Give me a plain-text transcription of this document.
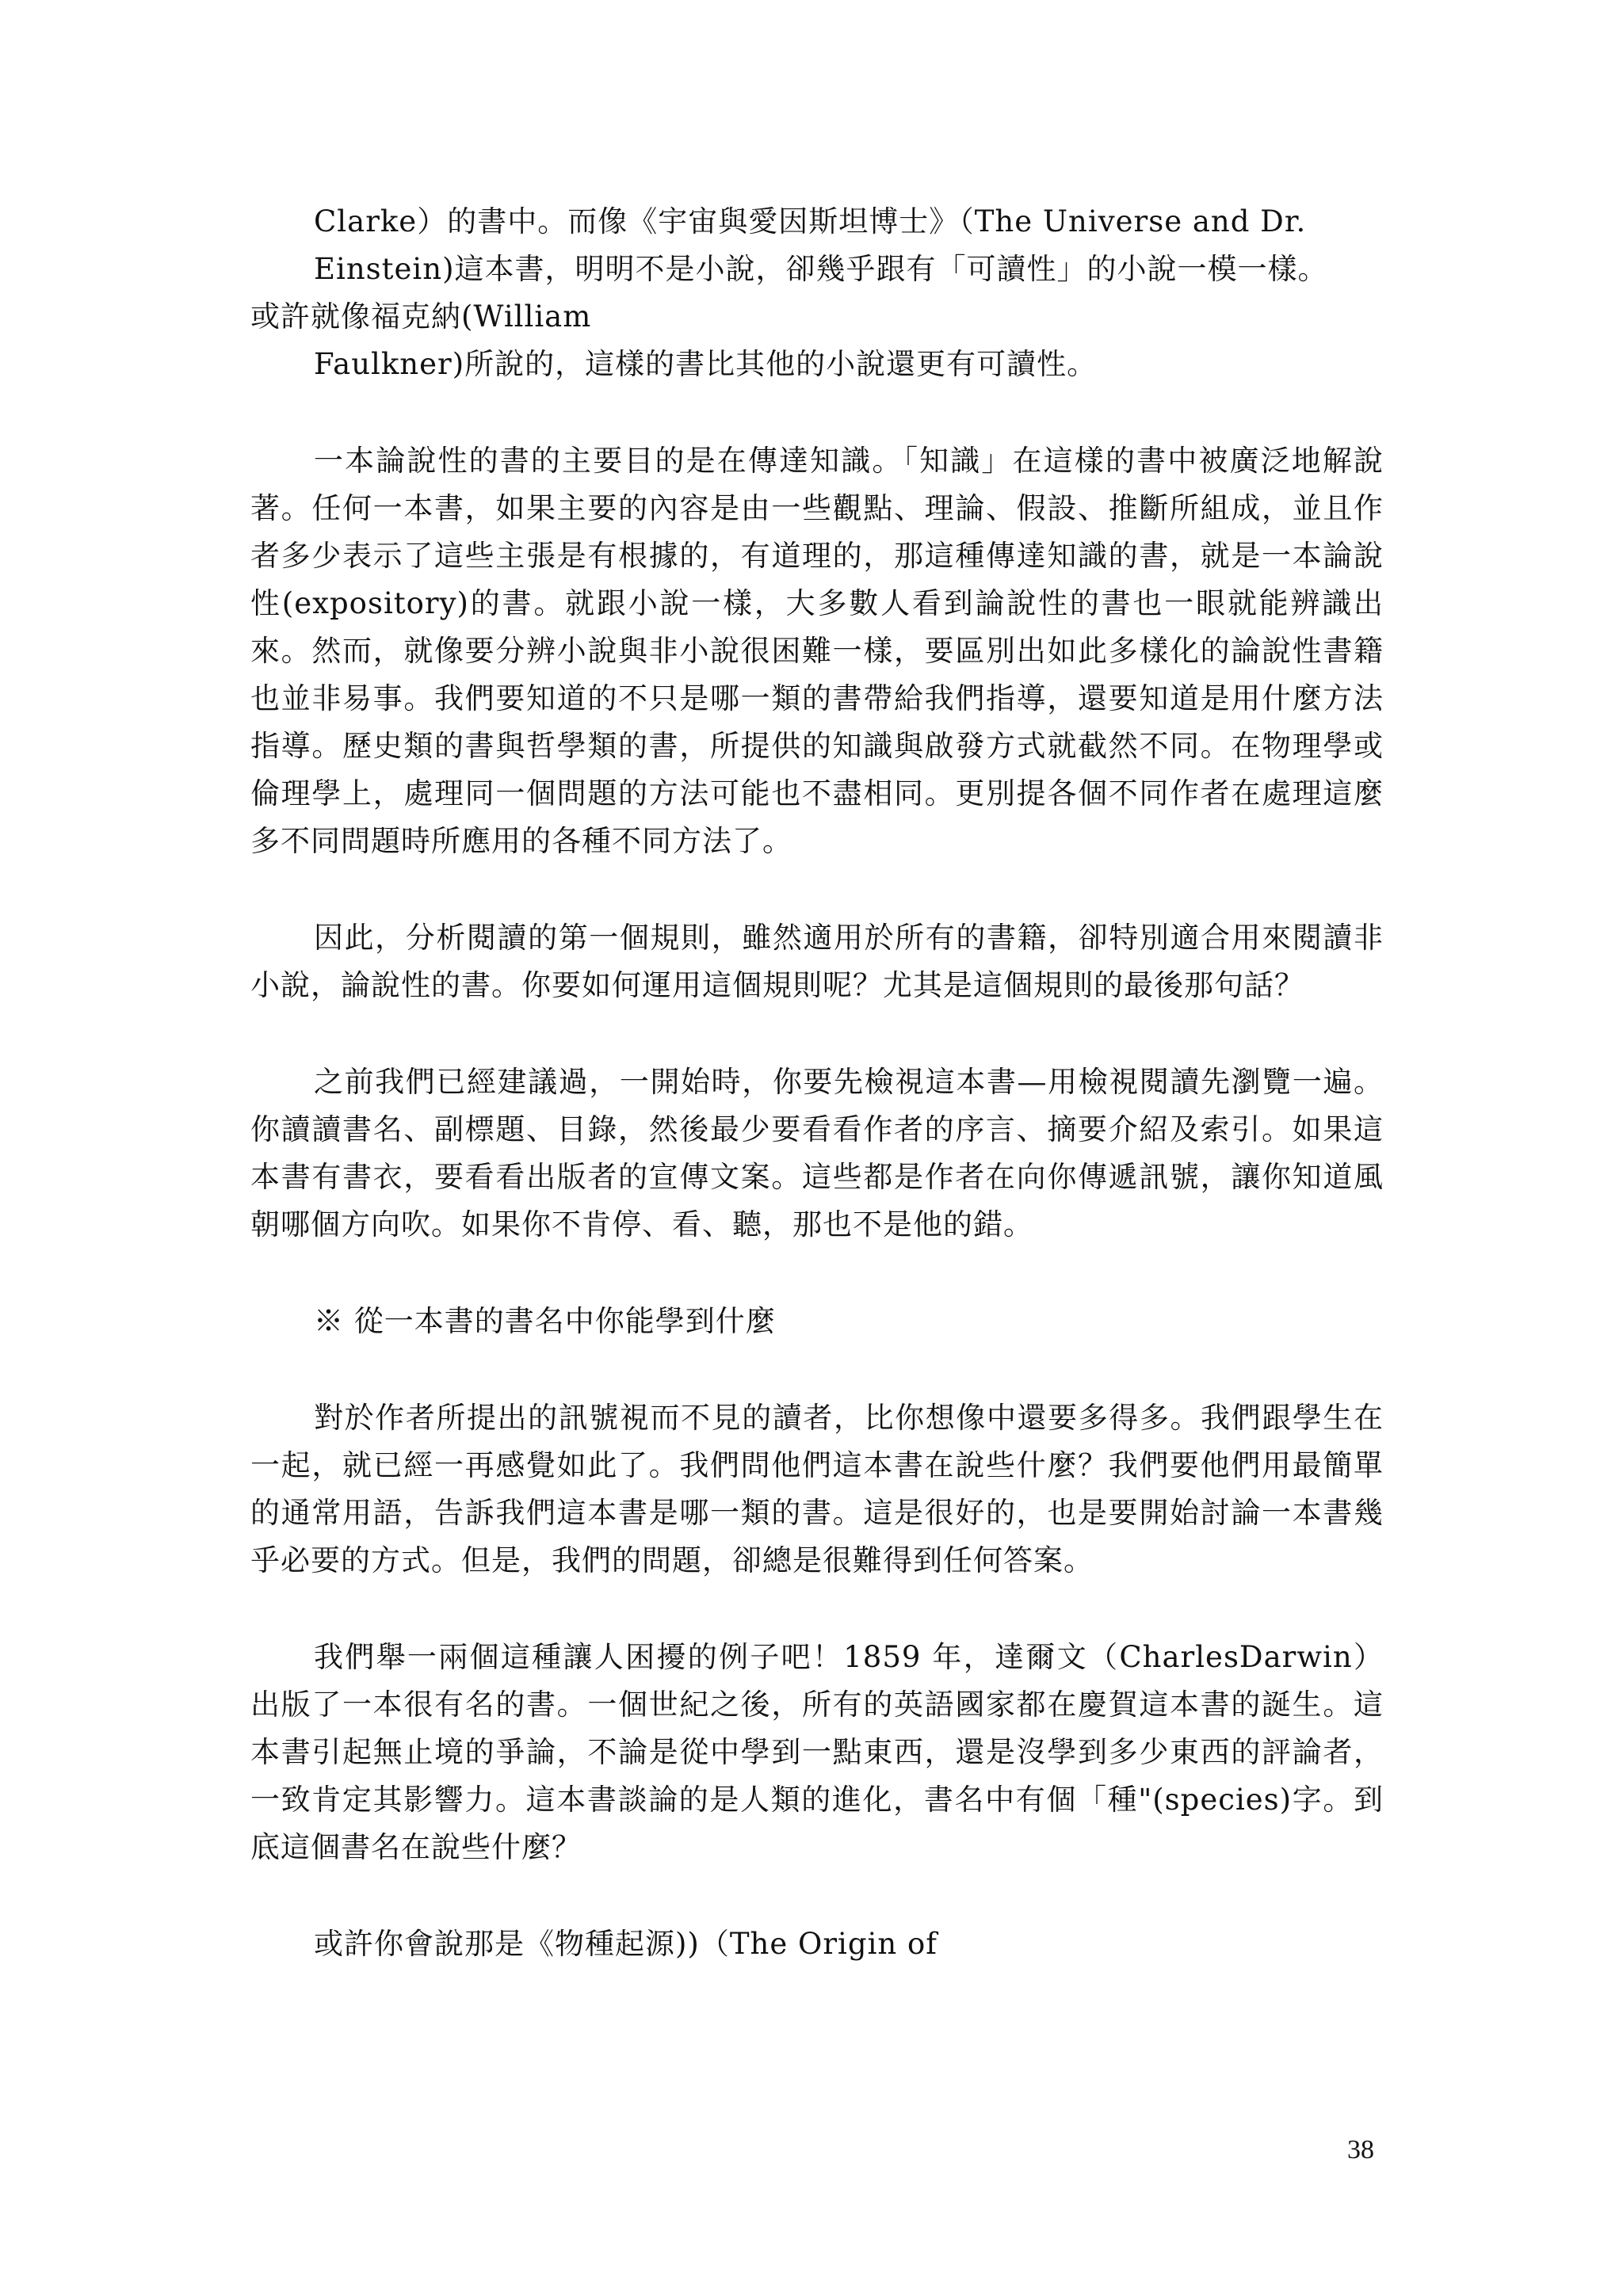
Clarke）的書中。而像《宇宙與愛因斯坦博士》（The Universe and Dr.
Einstein)這本書，明明不是小說，卻幾乎跟有「可讀性」的小說一模一樣。
或許就像福克納(William
Faulkner)所說的，這樣的書比其他的小說還更有可讀性。

一本論說性的書的主要目的是在傳達知識。「知識」在這樣的書中被廣泛地解說著。任何一本書，如果主要的內容是由一些觀點、理論、假設、推斷所組成，並且作者多少表示了這些主張是有根據的，有道理的，那這種傳達知識的書，就是一本論說性(expository)的書。就跟小說一樣，大多數人看到論說性的書也一眼就能辨識出來。然而，就像要分辨小說與非小說很困難一樣，要區別出如此多樣化的論說性書籍也並非易事。我們要知道的不只是哪一類的書帶給我們指導，還要知道是用什麼方法指導。歷史類的書與哲學類的書，所提供的知識與啟發方式就截然不同。在物理學或倫理學上，處理同一個問題的方法可能也不盡相同。更別提各個不同作者在處理這麼多不同問題時所應用的各種不同方法了。

因此，分析閱讀的第一個規則，雖然適用於所有的書籍，卻特別適合用來閱讀非小說，論說性的書。你要如何運用這個規則呢？尤其是這個規則的最後那句話？

之前我們已經建議過，一開始時，你要先檢視這本書—用檢視閱讀先瀏覽一遍。你讀讀書名、副標題、目錄，然後最少要看看作者的序言、摘要介紹及索引。如果這本書有書衣，要看看出版者的宣傳文案。這些都是作者在向你傳遞訊號，讓你知道風朝哪個方向吹。如果你不肯停、看、聽，那也不是他的錯。

※ 從一本書的書名中你能學到什麼

對於作者所提出的訊號視而不見的讀者，比你想像中還要多得多。我們跟學生在一起，就已經一再感覺如此了。我們問他們這本書在說些什麼？我們要他們用最簡單的通常用語，告訴我們這本書是哪一類的書。這是很好的，也是要開始討論一本書幾乎必要的方式。但是，我們的問題，卻總是很難得到任何答案。

我們舉一兩個這種讓人困擾的例子吧！1859 年，達爾文（CharlesDarwin）出版了一本很有名的書。一個世紀之後，所有的英語國家都在慶賀這本書的誕生。這本書引起無止境的爭論，不論是從中學到一點東西，還是沒學到多少東西的評論者，一致肯定其影響力。這本書談論的是人類的進化，書名中有個「種"(species)字。到底這個書名在說些什麼？

或許你會說那是《物種起源))（The Origin of

38
